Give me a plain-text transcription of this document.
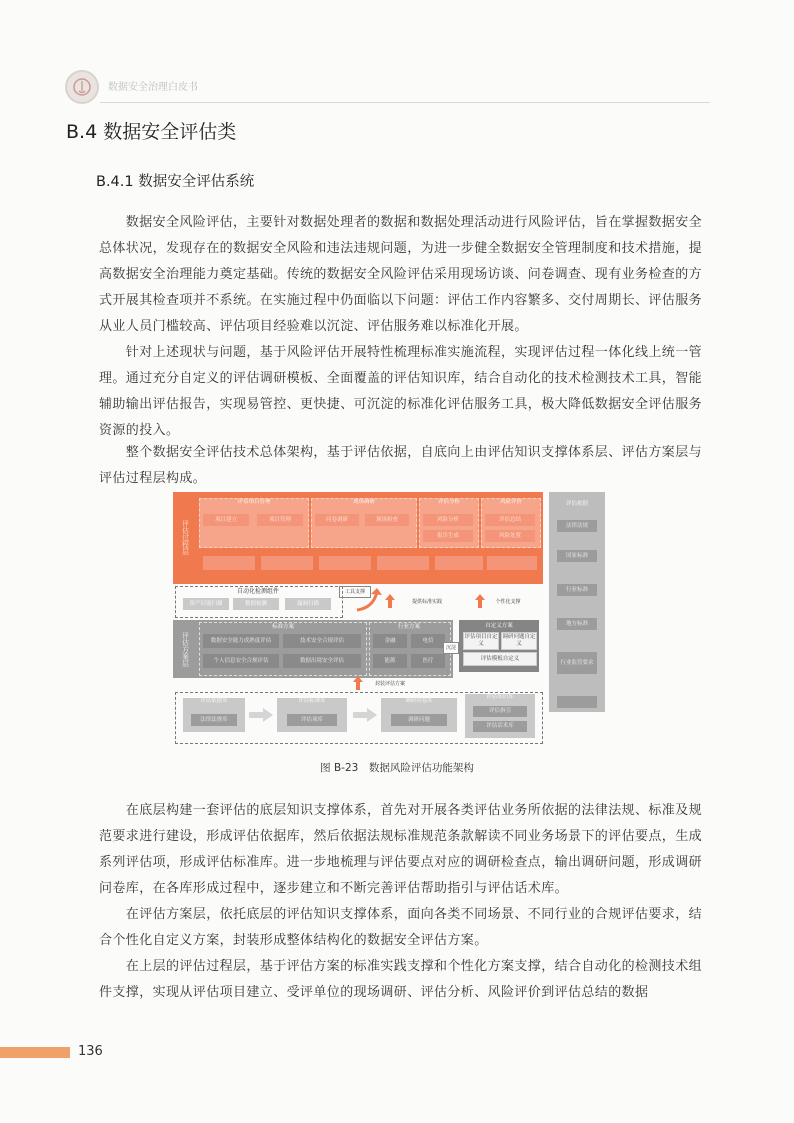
数据安全治理白皮书
B.4 数据安全评估类
B.4.1 数据安全评估系统

　　数据安全风险评估，主要针对数据处理者的数据和数据处理活动进行风险评估，旨在掌握数据安全总体状况，发现存在的数据安全风险和违法违规问题，为进一步健全数据安全管理制度和技术措施，提高数据安全治理能力奠定基础。传统的数据安全风险评估采用现场访谈、问卷调查、现有业务检查的方式开展其检查项并不系统。在实施过程中仍面临以下问题：评估工作内容繁多、交付周期长、评估服务从业人员门槛较高、评估项目经验难以沉淀、评估服务难以标准化开展。

　　针对上述现状与问题，基于风险评估开展特性梳理标准实施流程，实现评估过程一体化线上统一管理。通过充分自定义的评估调研模板、全面覆盖的评估知识库，结合自动化的技术检测技术工具，智能辅助输出评估报告，实现易管控、更快捷、可沉淀的标准化评估服务工具，极大降低数据安全评估服务资源的投入。

　　整个数据安全评估技术总体架构，基于评估依据，自底向上由评估知识支撑体系层、评估方案层与评估过程层构成。

评估过程层
评估项目管理	现场调研	评估分析	风险评价
项目建立	项目管理	问卷调研	现场检查	风险分析
报告生成
评估总结
风险处置
评估依据
法律法规
国家标准
行业标准
地方标准
行业监管要求
自动化检测组件
资产识别扫描	数据检测	漏洞扫描
工具支撑
提供标准实践	个性化支撑
评估方案层
标准方案
数据安全能力成熟度评估	技术安全合规评估
个人信息安全合规评估	数据出境安全评估
行业方案
金融	电信
能源	医疗
沉淀
自定义方案
评估项目自定义
调研问题自定义
评估模板自定义
封装评估方案
评估依据库
法律法规库
评估标准库
评估项库
调研问卷库
调研问题
评估知识库
评估指引
评估话术库
图 B-23　数据风险评估功能架构

　　在底层构建一套评估的底层知识支撑体系，首先对开展各类评估业务所依据的法律法规、标准及规范要求进行建设，形成评估依据库，然后依据法规标准规范条款解读不同业务场景下的评估要点，生成系列评估项，形成评估标准库。进一步地梳理与评估要点对应的调研检查点，输出调研问题，形成调研问卷库，在各库形成过程中，逐步建立和不断完善评估帮助指引与评估话术库。

　　在评估方案层，依托底层的评估知识支撑体系，面向各类不同场景、不同行业的合规评估要求，结合个性化自定义方案，封装形成整体结构化的数据安全评估方案。

　　在上层的评估过程层，基于评估方案的标准实践支撑和个性化方案支撑，结合自动化的检测技术组件支撑，实现从评估项目建立、受评单位的现场调研、评估分析、风险评价到评估总结的数据

136
